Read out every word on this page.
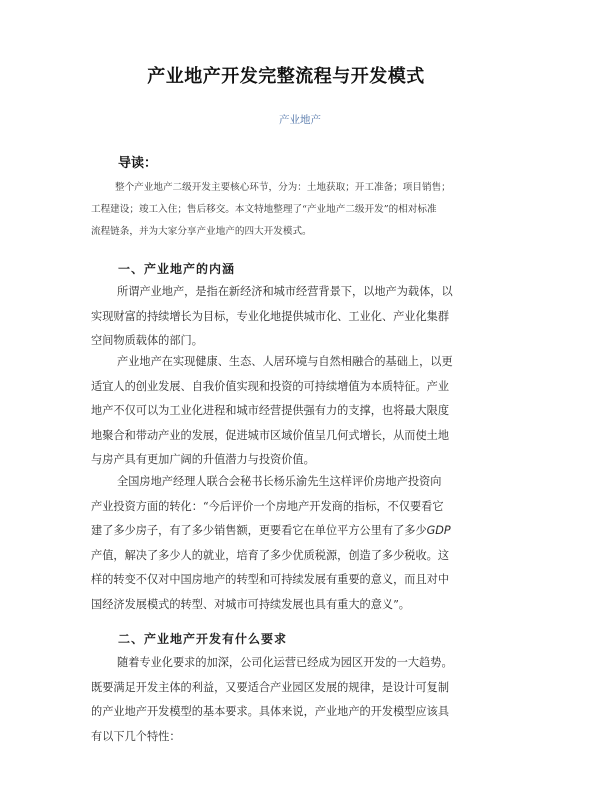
产业地产开发完整流程与开发模式
产业地产
导读：
整个产业地产二级开发主要核心环节，分为：土地获取；开工准备；项目销售；
工程建设；竣工入住；售后移交。本文特地整理了“产业地产二级开发”的相对标准
流程链条，并为大家分享产业地产的四大开发模式。
一、产业地产的内涵
所谓产业地产，是指在新经济和城市经营背景下，以地产为载体，以
实现财富的持续增长为目标，专业化地提供城市化、工业化、产业化集群
空间物质载体的部门。
产业地产在实现健康、生态、人居环境与自然相融合的基础上，以更
适宜人的创业发展、自我价值实现和投资的可持续增值为本质特征。产业
地产不仅可以为工业化进程和城市经营提供强有力的支撑，也将最大限度
地聚合和带动产业的发展，促进城市区域价值呈几何式增长，从而使土地
与房产具有更加广阔的升值潜力与投资价值。
全国房地产经理人联合会秘书长杨乐渝先生这样评价房地产投资向
产业投资方面的转化：“今后评价一个房地产开发商的指标，不仅要看它
建了多少房子，有了多少销售额，更要看它在单位平方公里有了多少GDP
产值，解决了多少人的就业，培育了多少优质税源，创造了多少税收。这
样的转变不仅对中国房地产的转型和可持续发展有重要的意义，而且对中
国经济发展模式的转型、对城市可持续发展也具有重大的意义”。
二、产业地产开发有什么要求
随着专业化要求的加深，公司化运营已经成为园区开发的一大趋势。
既要满足开发主体的利益，又要适合产业园区发展的规律，是设计可复制
的产业地产开发模型的基本要求。具体来说，产业地产的开发模型应该具
有以下几个特性：
